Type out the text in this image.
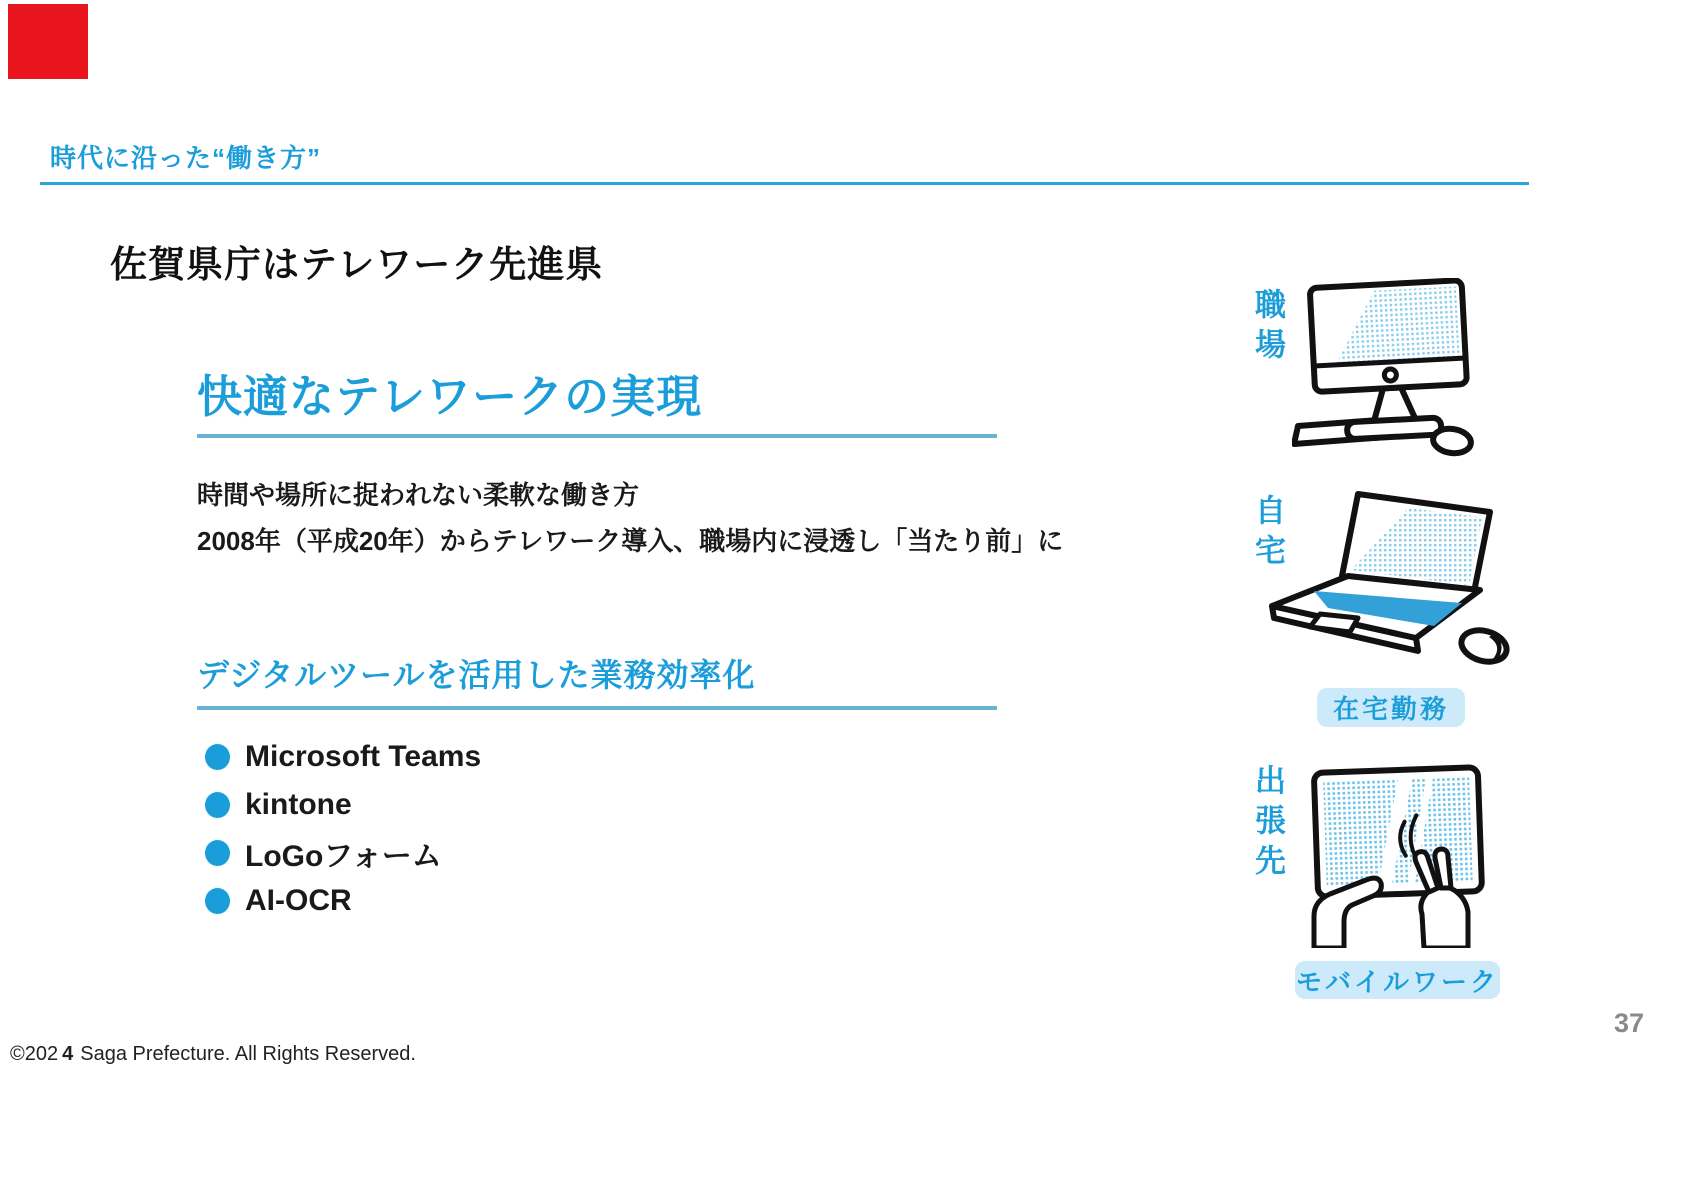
時代に沿った“働き方”
佐賀県庁はテレワーク先進県
快適なテレワークの実現
時間や場所に捉われない柔軟な働き方
2008年（平成20年）からテレワーク導入、職場内に浸透し「当たり前」に
デジタルツールを活用した業務効率化
Microsoft Teams
kintone
LoGoフォーム
AI-OCR
職場
自宅
在宅勤務
出張先
モバイルワーク
37
©202 4 Saga Prefecture. All Rights Reserved.
